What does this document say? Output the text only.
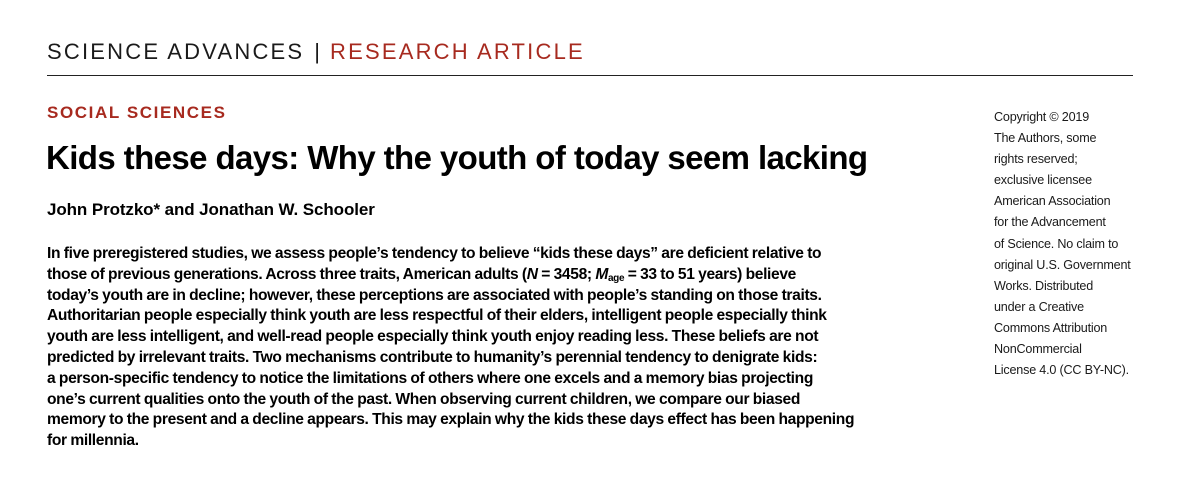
SCIENCE ADVANCES | RESEARCH ARTICLE
SOCIAL SCIENCES
Kids these days: Why the youth of today seem lacking
John Protzko* and Jonathan W. Schooler
In five preregistered studies, we assess people’s tendency to believe “kids these days” are deficient relative to
those of previous generations. Across three traits, American adults (N = 3458; $M_{age} = 33$ to 51 years) believe
today’s youth are in decline; however, these perceptions are associated with people’s standing on those traits.
Authoritarian people especially think youth are less respectful of their elders, intelligent people especially think
youth are less intelligent, and well-read people especially think youth enjoy reading less. These beliefs are not
predicted by irrelevant traits. Two mechanisms contribute to humanity’s perennial tendency to denigrate kids:
a person-specific tendency to notice the limitations of others where one excels and a memory bias projecting
one’s current qualities onto the youth of the past. When observing current children, we compare our biased
memory to the present and a decline appears. This may explain why the kids these days effect has been happening
for millennia.
Copyright © 2019
The Authors, some
rights reserved;
exclusive licensee
American Association
for the Advancement
of Science. No claim to
original U.S. Government
Works. Distributed
under a Creative
Commons Attribution
NonCommercial
License 4.0 (CC BY-NC).
